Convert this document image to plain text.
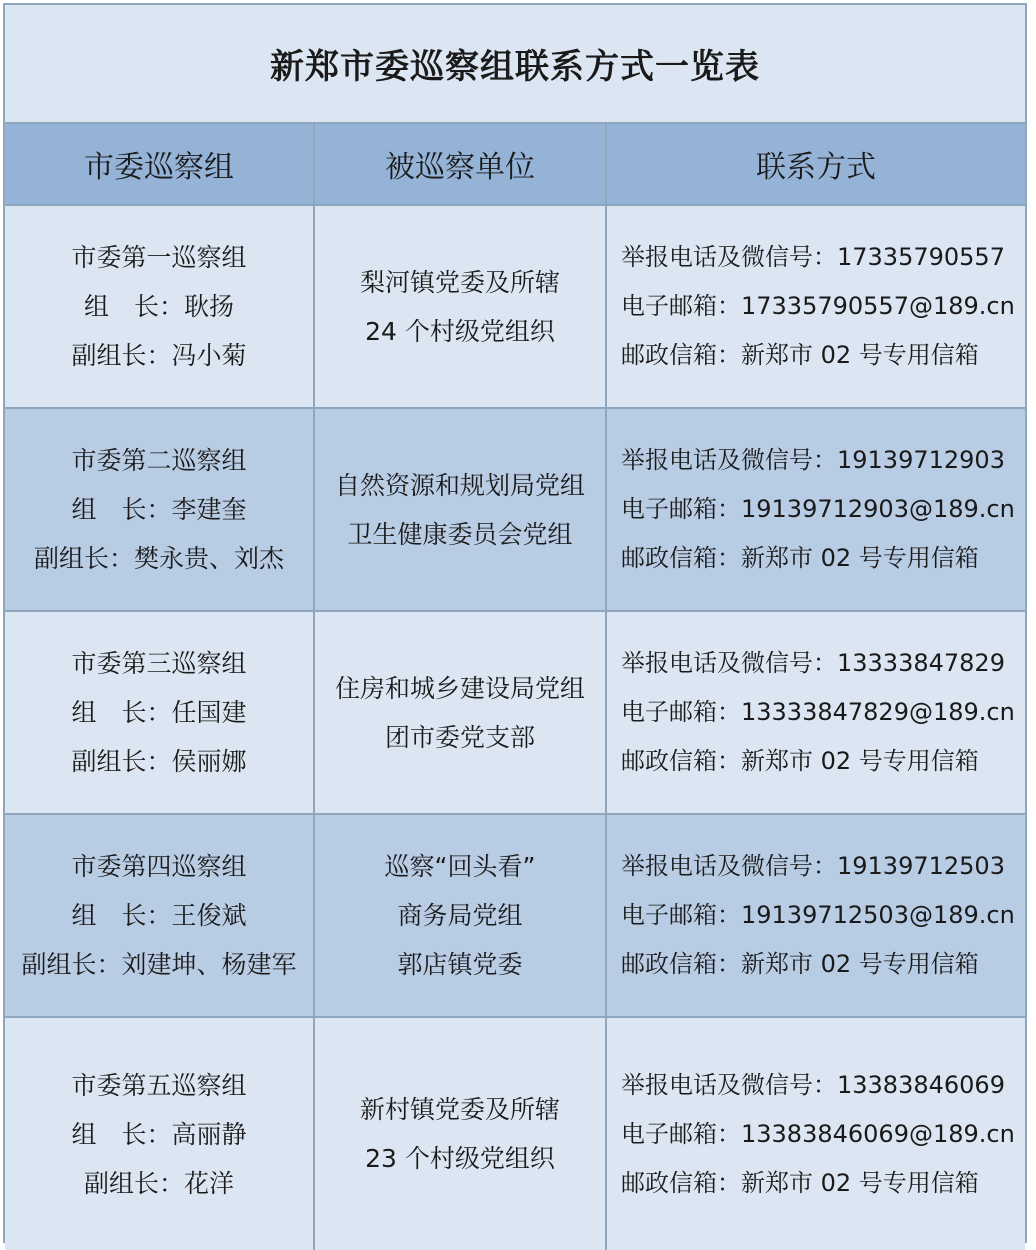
新郑市委巡察组联系方式一览表
市委巡察组	被巡察单位	联系方式
市委第一巡察组
组　长：耿扬
副组长：冯小菊
梨河镇党委及所辖
24 个村级党组织
举报电话及微信号：17335790557
电子邮箱：17335790557@189.cn
邮政信箱：新郑市 02 号专用信箱
市委第二巡察组
组　长：李建奎
副组长：樊永贵、刘杰
自然资源和规划局党组
卫生健康委员会党组
举报电话及微信号：19139712903
电子邮箱：19139712903@189.cn
邮政信箱：新郑市 02 号专用信箱
市委第三巡察组
组　长：任国建
副组长：侯丽娜
住房和城乡建设局党组
团市委党支部
举报电话及微信号：13333847829
电子邮箱：13333847829@189.cn
邮政信箱：新郑市 02 号专用信箱
市委第四巡察组
组　长：王俊斌
副组长：刘建坤、杨建军
巡察“回头看”
商务局党组
郭店镇党委
举报电话及微信号：19139712503
电子邮箱：19139712503@189.cn
邮政信箱：新郑市 02 号专用信箱
市委第五巡察组
组　长：高丽静
副组长：花洋
新村镇党委及所辖
23 个村级党组织
举报电话及微信号：13383846069
电子邮箱：13383846069@189.cn
邮政信箱：新郑市 02 号专用信箱
